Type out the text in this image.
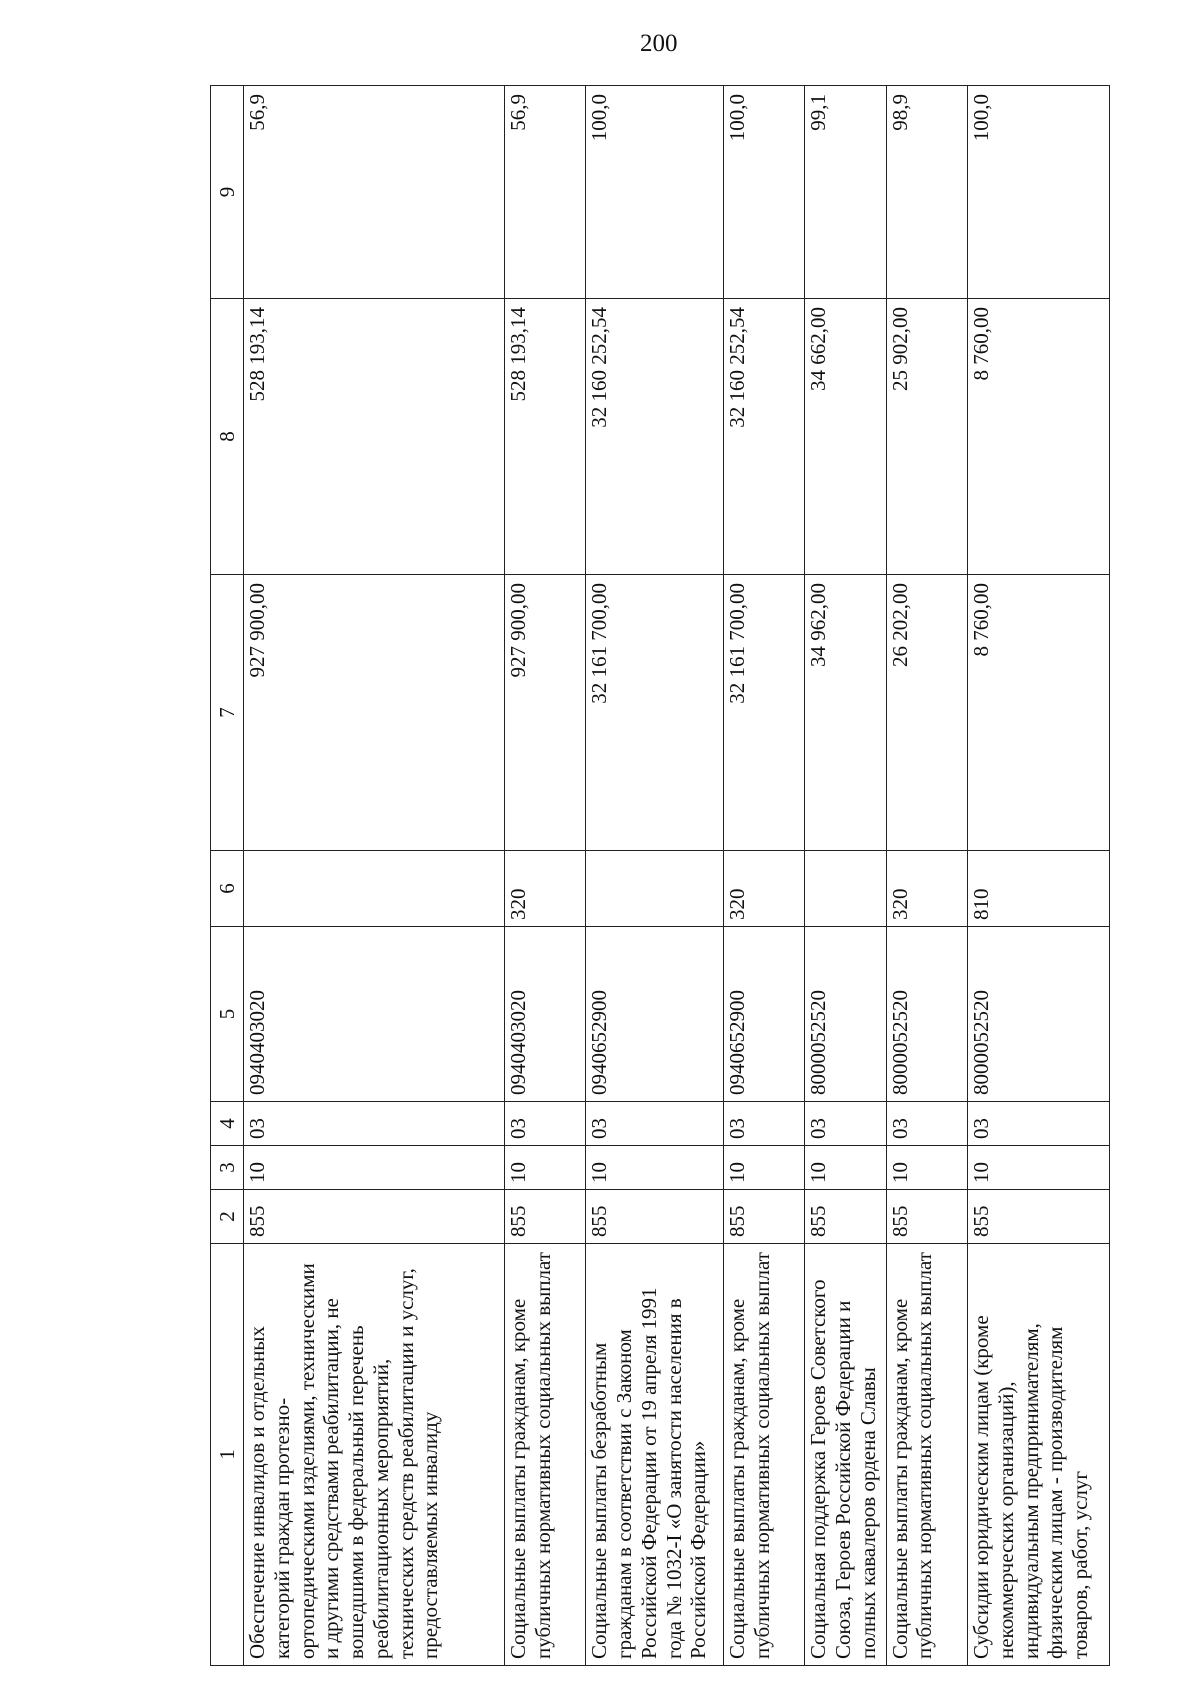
200
1	2	3	4	5	6	7	8	9
Обеспечение инвалидов и отдельных категорий граждан протезно-ортопедическими изделиями, техническими и другими средствами реабилитации, не вошедшими в федеральный перечень реабилитационных мероприятий, технических средств реабилитации и услуг, предоставляемых инвалиду	855	10	03	0940403020		927 900,00	528 193,14	56,9
Социальные выплаты гражданам, кроме публичных нормативных социальных выплат	855	10	03	0940403020	320	927 900,00	528 193,14	56,9
Социальные выплаты безработным гражданам в соответствии с Законом Российской Федерации от 19 апреля 1991 года № 1032-I «О занятости населения в Российской Федерации»	855	10	03	0940652900		32 161 700,00	32 160 252,54	100,0
Социальные выплаты гражданам, кроме публичных нормативных социальных выплат	855	10	03	0940652900	320	32 161 700,00	32 160 252,54	100,0
Социальная поддержка Героев Советского Союза, Героев Российской Федерации и полных кавалеров ордена Славы	855	10	03	8000052520		34 962,00	34 662,00	99,1
Социальные выплаты гражданам, кроме публичных нормативных социальных выплат	855	10	03	8000052520	320	26 202,00	25 902,00	98,9
Субсидии юридическим лицам (кроме некоммерческих организаций), индивидуальным предпринимателям, физическим лицам - производителям товаров, работ, услуг	855	10	03	8000052520	810	8 760,00	8 760,00	100,0
